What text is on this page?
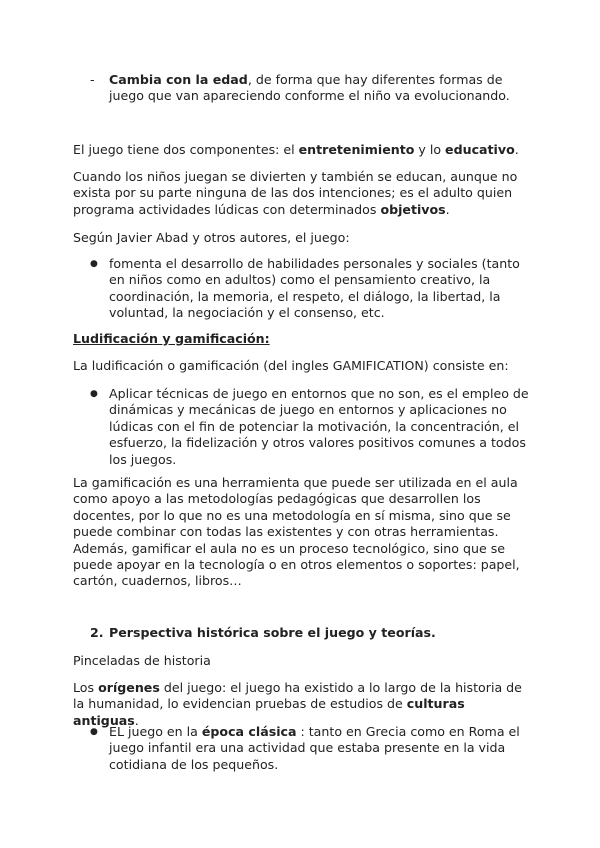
-	Cambia con la edad, de forma que hay diferentes formas de juego que van apareciendo conforme el niño va evolucionando.

El juego tiene dos componentes: el entretenimiento y lo educativo.

Cuando los niños juegan se divierten y también se educan, aunque no exista por su parte ninguna de las dos intenciones; es el adulto quien programa actividades lúdicas con determinados objetivos.

Según Javier Abad y otros autores, el juego:

● fomenta el desarrollo de habilidades personales y sociales (tanto en niños como en adultos) como el pensamiento creativo, la coordinación, la memoria, el respeto, el diálogo, la libertad, la voluntad, la negociación y el consenso, etc.

Ludificación y gamificación:

La ludificación o gamificación (del ingles GAMIFICATION) consiste en:

● Aplicar técnicas de juego en entornos que no son, es el empleo de dinámicas y mecánicas de juego en entornos y aplicaciones no lúdicas con el fin de potenciar la motivación, la concentración, el esfuerzo, la fidelización y otros valores positivos comunes a todos los juegos.

La gamificación es una herramienta que puede ser utilizada en el aula como apoyo a las metodologías pedagógicas que desarrollen los docentes, por lo que no es una metodología en sí misma, sino que se puede combinar con todas las existentes y con otras herramientas. Además, gamificar el aula no es un proceso tecnológico, sino que se puede apoyar en la tecnología o en otros elementos o soportes: papel, cartón, cuadernos, libros…

2. Perspectiva histórica sobre el juego y teorías.

Pinceladas de historia

Los orígenes del juego: el juego ha existido a lo largo de la historia de la humanidad, lo evidencian pruebas de estudios de culturas antiguas.

● EL juego en la época clásica : tanto en Grecia como en Roma el juego infantil era una actividad que estaba presente en la vida cotidiana de los pequeños.
